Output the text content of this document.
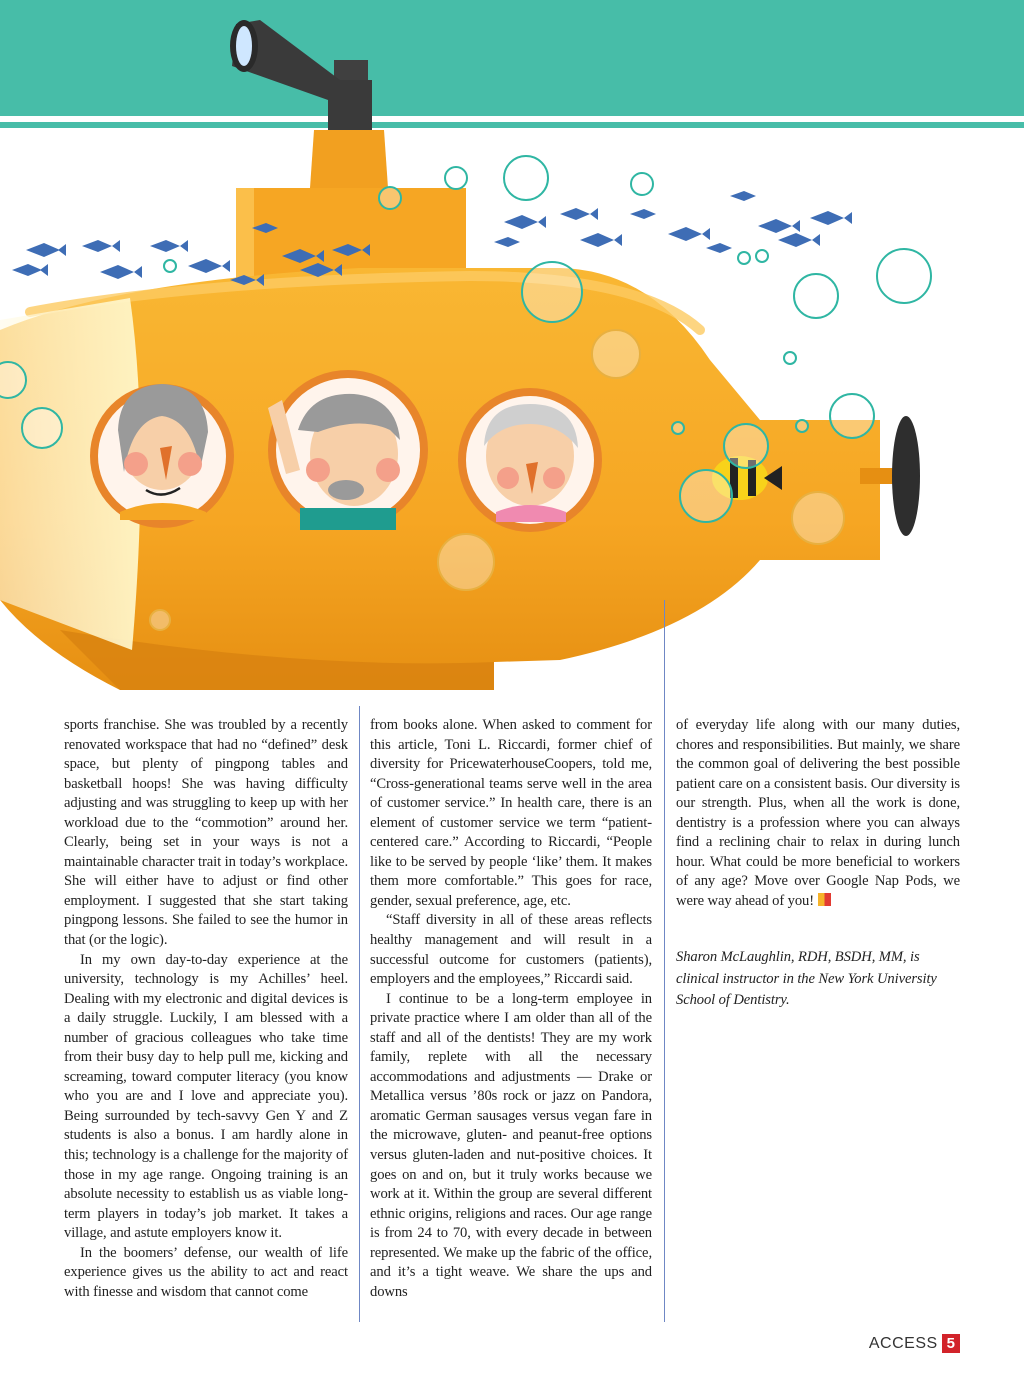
sports franchise. She was troubled by a recently renovated workspace that had no “defined” desk space, but plenty of pingpong tables and basketball hoops! She was having difficulty adjusting and was struggling to keep up with her workload due to the “commotion” around her. Clearly, being set in your ways is not a maintainable character trait in today’s workplace. She will either have to adjust or find other employment. I suggested that she start taking pingpong lessons. She failed to see the humor in that (or the logic).

In my own day-to-day experience at the university, technology is my Achilles’ heel. Dealing with my electronic and digital devices is a daily struggle. Luckily, I am blessed with a number of gracious colleagues who take time from their busy day to help pull me, kicking and screaming, toward computer literacy (you know who you are and I love and appreciate you). Being surrounded by tech-savvy Gen Y and Z students is also a bonus. I am hardly alone in this; technology is a challenge for the majority of those in my age range. Ongoing training is an absolute necessity to establish us as viable long-term players in today’s job market. It takes a village, and astute employers know it.

In the boomers’ defense, our wealth of life experience gives us the ability to act and react with finesse and wisdom that cannot come

from books alone. When asked to comment for this article, Toni L. Riccardi, former chief of diversity for PricewaterhouseCoopers, told me, “Cross-generational teams serve well in the area of customer service.” In health care, there is an element of customer service we term “patient-centered care.” According to Riccardi, “People like to be served by people ‘like’ them. It makes them more comfortable.” This goes for race, gender, sexual preference, age, etc.

“Staff diversity in all of these areas reflects healthy management and will result in a successful outcome for customers (patients), employers and the employees,” Riccardi said.

I continue to be a long-term employee in private practice where I am older than all of the staff and all of the dentists! They are my work family, replete with all the necessary accommodations and adjustments — Drake or Metallica versus ’80s rock or jazz on Pandora, aromatic German sausages versus vegan fare in the microwave, gluten- and peanut-free options versus gluten-laden and nut-positive choices. It goes on and on, but it truly works because we work at it. Within the group are several different ethnic origins, religions and races. Our age range is from 24 to 70, with every decade in between represented. We make up the fabric of the office, and it’s a tight weave. We share the ups and downs

of everyday life along with our many duties, chores and responsibilities. But mainly, we share the common goal of delivering the best possible patient care on a consistent basis. Our diversity is our strength. Plus, when all the work is done, dentistry is a profession where you can always find a reclining chair to relax in during lunch hour. What could be more beneficial to workers of any age? Move over Google Nap Pods, we were way ahead of you!

Sharon McLaughlin, RDH, BSDH, MM, is clinical instructor in the New York University School of Dentistry.

ACCESS 5
